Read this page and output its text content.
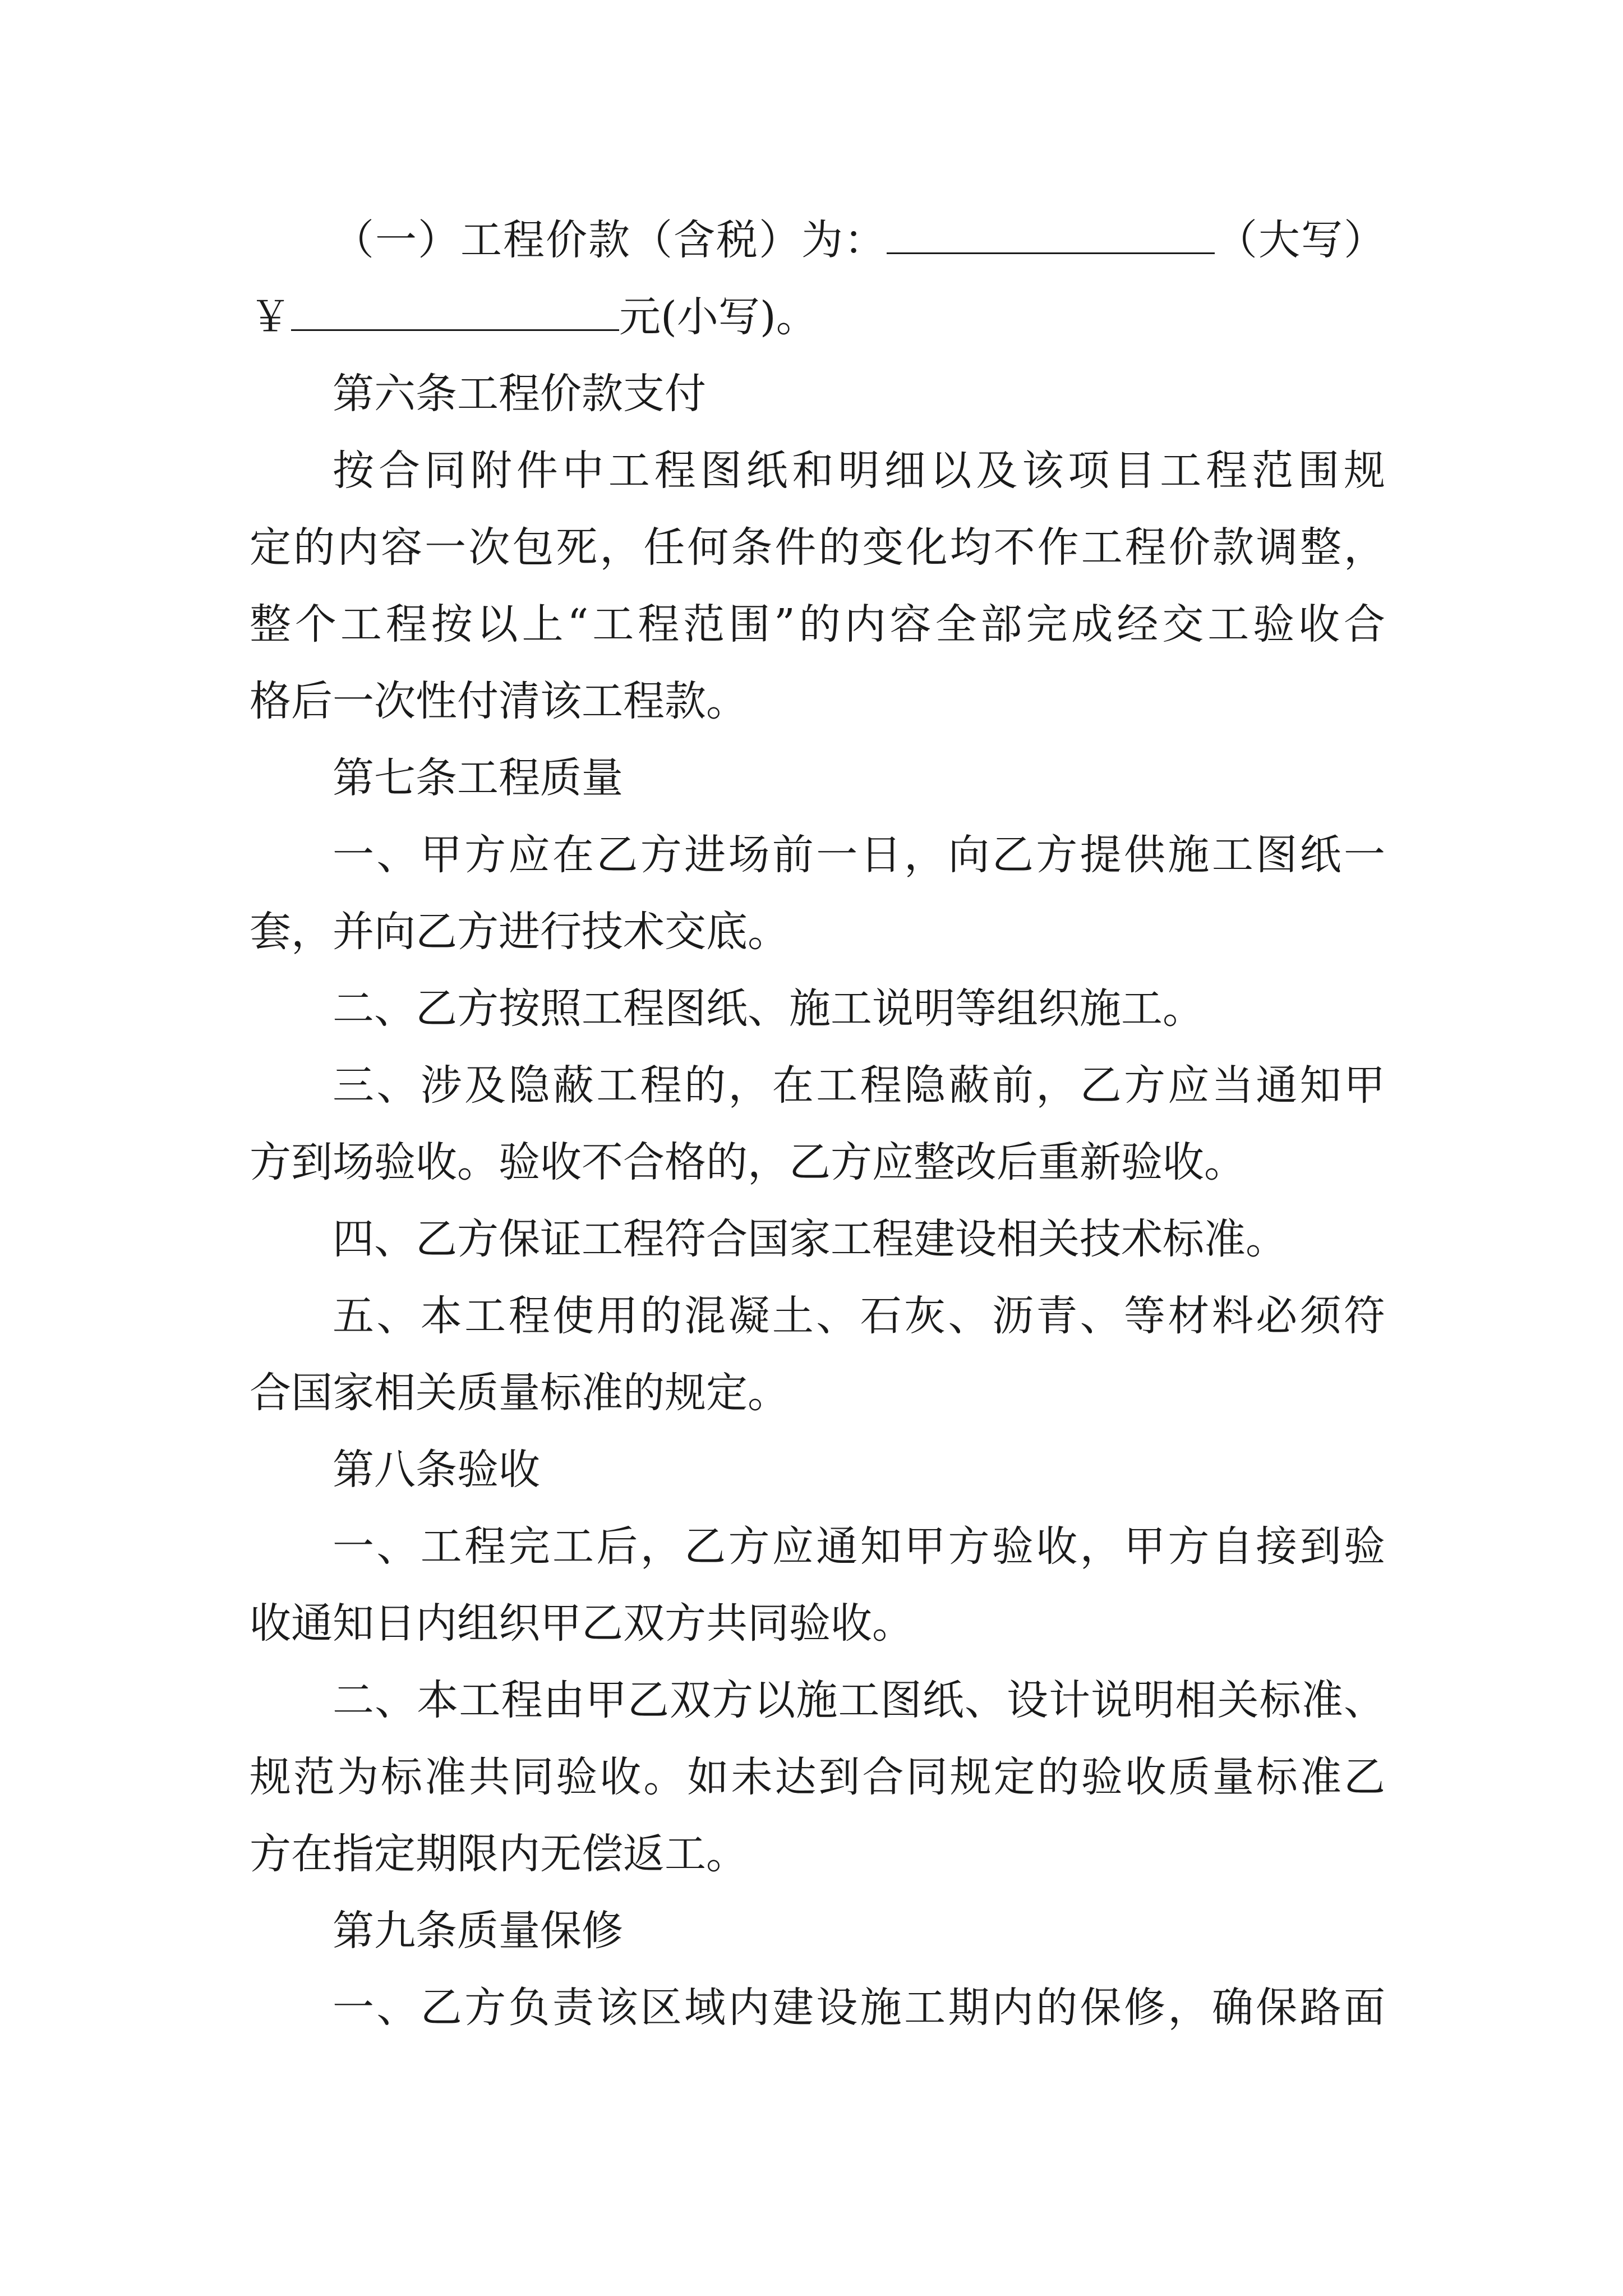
（一）工程价款（含税）为：	（大写）
￥	元(小写)。
第六条工程价款支付
按合同附件中工程图纸和明细以及该项目工程范围规
定的内容一次包死，任何条件的变化均不作工程价款调整，
整个工程按以上“工程范围”的内容全部完成经交工验收合
格后一次性付清该工程款。
第七条工程质量
一、甲方应在乙方进场前一日，向乙方提供施工图纸一
套，并向乙方进行技术交底。
二、乙方按照工程图纸、施工说明等组织施工。
三、涉及隐蔽工程的，在工程隐蔽前，乙方应当通知甲
方到场验收。验收不合格的，乙方应整改后重新验收。
四、乙方保证工程符合国家工程建设相关技术标准。
五、本工程使用的混凝土、石灰、沥青、等材料必须符
合国家相关质量标准的规定。
第八条验收
一、工程完工后，乙方应通知甲方验收，甲方自接到验
收通知日内组织甲乙双方共同验收。
二、本工程由甲乙双方以施工图纸、设计说明相关标准、
规范为标准共同验收。如未达到合同规定的验收质量标准乙
方在指定期限内无偿返工。
第九条质量保修
一、乙方负责该区域内建设施工期内的保修，确保路面
